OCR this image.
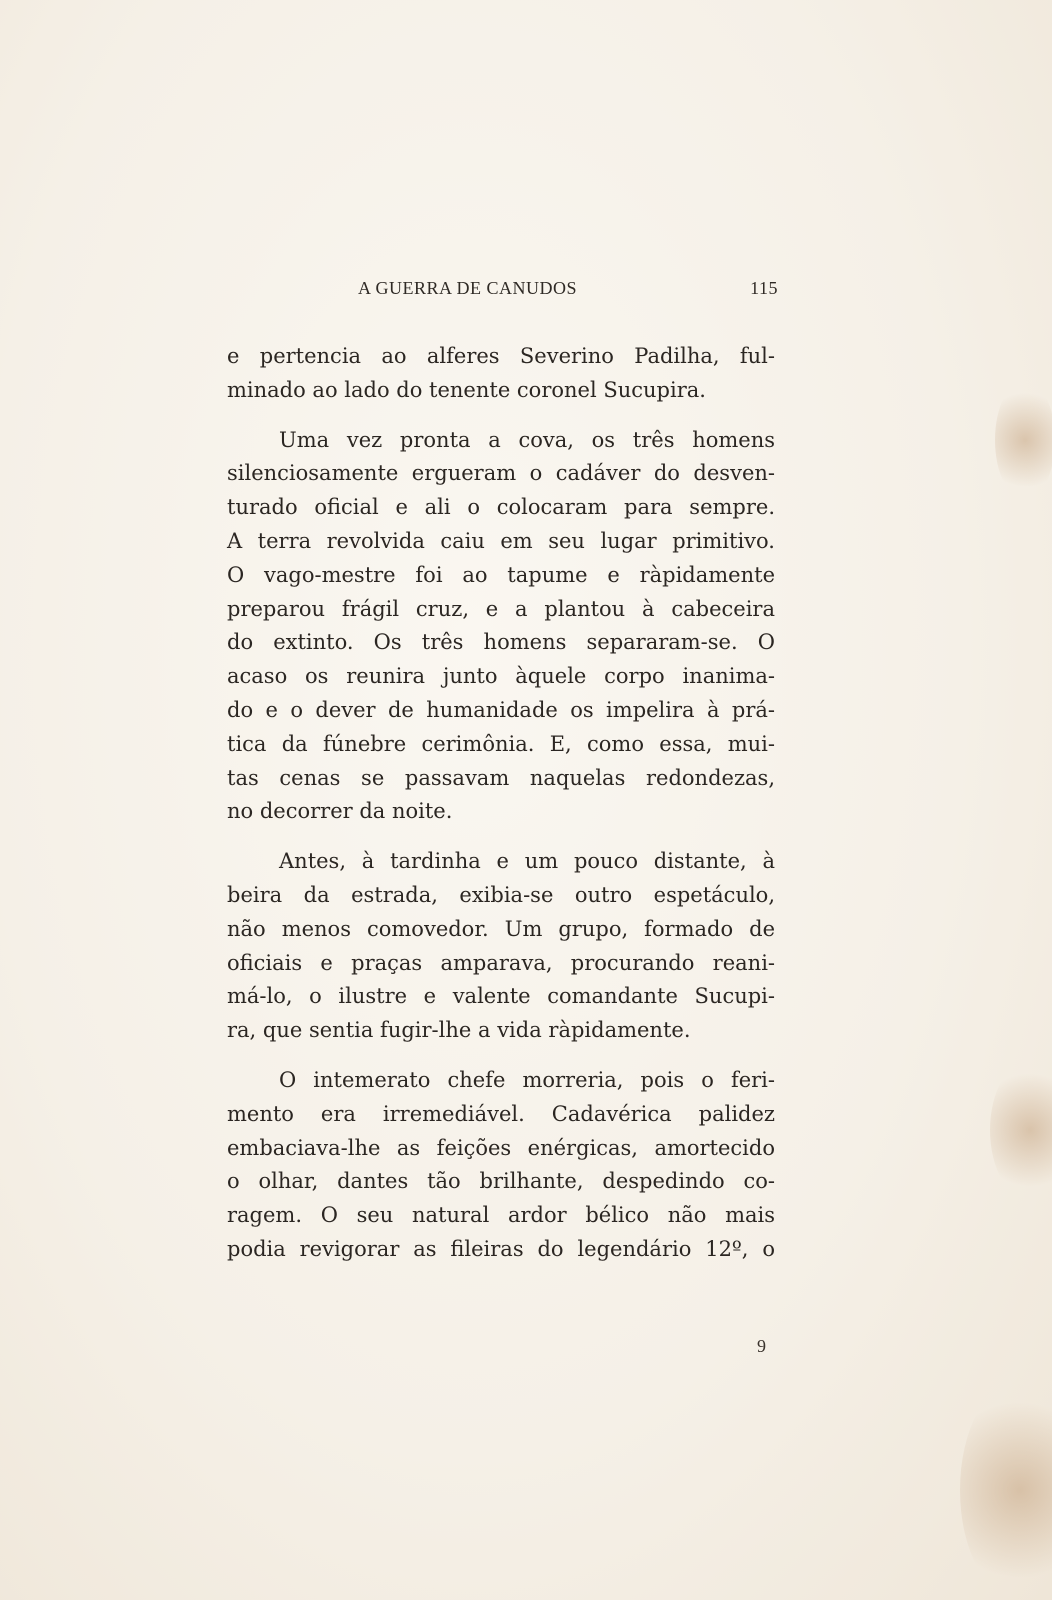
A GUERRA DE CANUDOS	115
e pertencia ao alferes Severino Padilha, ful-
minado ao lado do tenente coronel Sucupira.
Uma vez pronta a cova, os três homens
silenciosamente ergueram o cadáver do desven-
turado oficial e ali o colocaram para sempre.
A terra revolvida caiu em seu lugar primitivo.
O vago-mestre foi ao tapume e ràpidamente
preparou frágil cruz, e a plantou à cabeceira
do extinto. Os três homens separaram-se. O
acaso os reunira junto àquele corpo inanima-
do e o dever de humanidade os impelira à prá-
tica da fúnebre cerimônia. E, como essa, mui-
tas cenas se passavam naquelas redondezas,
no decorrer da noite.
Antes, à tardinha e um pouco distante, à
beira da estrada, exibia-se outro espetáculo,
não menos comovedor. Um grupo, formado de
oficiais e praças amparava, procurando reani-
má-lo, o ilustre e valente comandante Sucupi-
ra, que sentia fugir-lhe a vida ràpidamente.
O intemerato chefe morreria, pois o feri-
mento era irremediável. Cadavérica palidez
embaciava-lhe as feições enérgicas, amortecido
o olhar, dantes tão brilhante, despedindo co-
ragem. O seu natural ardor bélico não mais
podia revigorar as fileiras do legendário 12º, o
9
